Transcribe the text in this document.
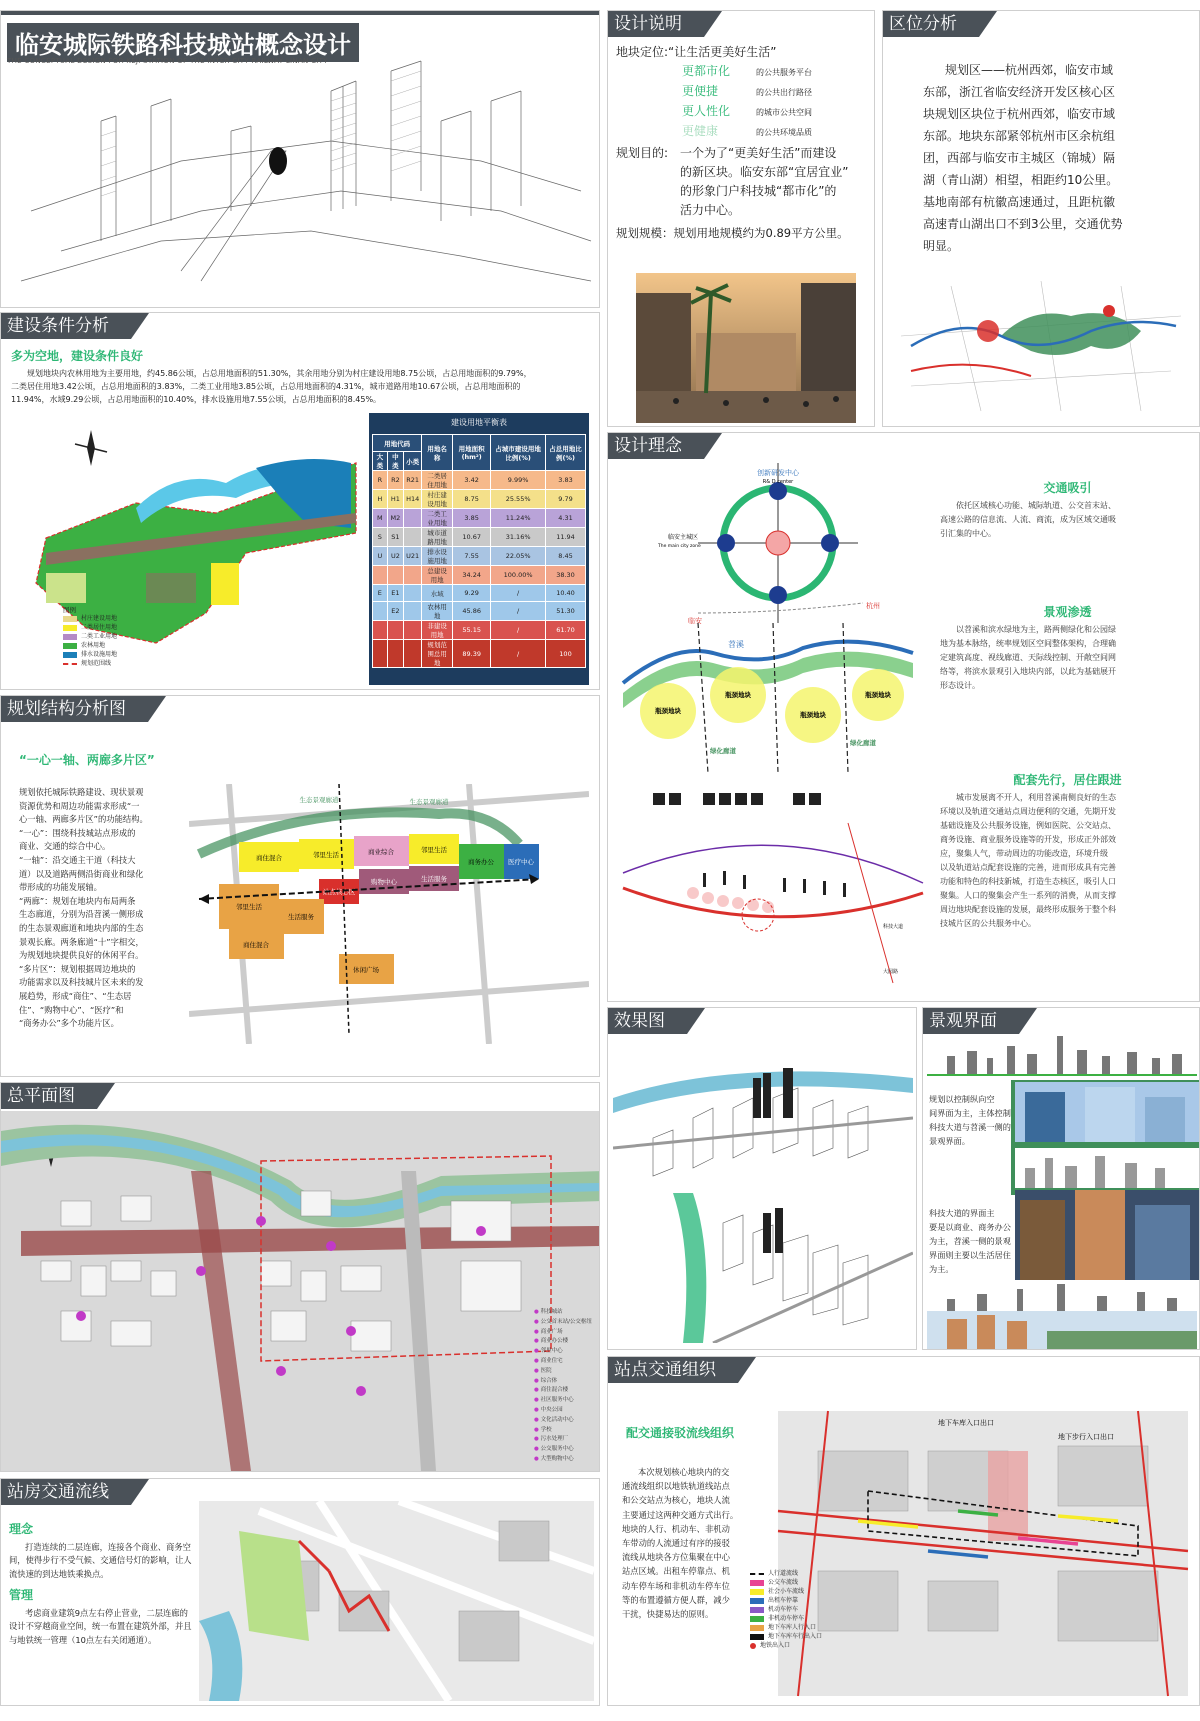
临安城际铁路科技城站概念设计
THE CONCEPTUAL DESIGN FOR KEJI STATION OF THE INTER-CITY RAILWAY LINAN CITY
设计说明
地块定位:“让生活更美好生活”
更都市化	的公共服务平台
更便捷	的公共出行路径
更人性化	的城市公共空间
更健康	的公共环境品质
规划目的: 一个为了“更美好生活”而建设
的新区块。临安东部“宜居宜业”
的形象门户科技城“都市化”的
活力中心。
规划规模：规划用地规模约为0.89平方公里。
区位分析
规划区——杭州西郊，临安市域
东部，浙江省临安经济开发区核心区
块规划区块位于杭州西郊，临安市域
东部。地块东部紧邻杭州市区余杭组
团，西部与临安市主城区（锦城）隔
湖（青山湖）相望，相距约10公里。
基地南部有杭徽高速通过，且距杭徽
高速青山湖出口不到3公里，交通优势
明显。
建设条件分析
多为空地，建设条件良好
规划地块内农林用地为主要用地，约45.86公顷，占总用地面积的51.30%，其余用地分别为村庄建设用地8.75公顷，占总用地面积的9.79%，
二类居住用地3.42公顷，占总用地面积的3.83%，二类工业用地3.85公顷，占总用地面积的4.31%，城市道路用地10.67公顷，占总用地面积的
11.94%，水域9.29公顷，占总用地面积的10.40%，排水设施用地7.55公顷，占总用地面积的8.45%。
图例
村庄建设用地
二类居住用地
二类工业用地
农林用地
排水设施用地
规划范围线
建设用地平衡表
用地代码			用地名称	用地面积(hm²)	占城市建设用地比例(%)	占总用地比例(%)
大类	中类	小类				
R	R2	R21	二类居住用地	3.42	9.99%	3.83
H	H1	H14	村庄建设用地	8.75	25.55%	9.79
M	M2		二类工业用地	3.85	11.24%	4.31
S	S1		城市道路用地	10.67	31.16%	11.94
U	U2	U21	排水设施用地	7.55	22.05%	8.45
			总建设用地	34.24	100.00%	38.30
E	E1		水域	9.29	/	10.40
	E2		农林用地	45.86	/	51.30
			非建设用地	55.15	/	61.70
			规划范围总用地	89.39	/	100
规划结构分析图
“一心一轴、两廊多片区”
规划依托城际铁路建设、现状景观
资源优势和周边功能需求形成“一
心一轴、两廊多片区”的功能结构。
“一心”：围绕科技城站点形成的
商业、交通的综合中心。
“一轴”：沿交通主干道（科技大
道）以及道路两侧沿街商业和绿化
带形成的功能发展轴。
“两廊”：规划在地块内布局两条
生态廊道，分别为沿苕溪一侧形成
的生态景观廊道和地块内部的生态
景观长廊。两条廊道“十”字相交，
为规划地块提供良好的休闲平台。
“多片区”：规划根据周边地块的
功能需求以及科技城片区未来的发
展趋势，形成“商住”、“生态居
住”、“购物中心”、“医疗”和
“商务办公”多个功能片区。
商住混合	邻里生活	商业综合	邻里生活
购物中心	生活服务
站点核心区
商务办公 医疗中心
邻里生活
生活服务
商住混合
休闲广场
生态景观廊道	生态景观廊道
总平面图
● 科技城站
● 公交首末站/公交枢纽
● 商业广场
● 商业办公楼
● 邻里中心
● 商业住宅
● 医院
● 综合体
● 商住混合楼
● 社区服务中心
● 中央公园
● 文化活动中心
● 学校
● 污水处理厂
● 公交服务中心
● 大型购物中心
站房交通流线
理念
打造连续的二层连廊，连接各个商业、商务空
间，使得步行不受气候、交通信号灯的影响，让人
流快速的到达地铁乘换点。
管理
考虑商业建筑9点左右停止营业，二层连廊的
设计不穿越商业空间，统一布置在建筑外部，并且
与地铁统一管理（10点左右关闭通道）。
设计理念
创新研发中心
R& D center
临安主城区
The main city zone
杭州
临安
苕溪
瓶颈地块
瓶颈地块
瓶颈地块
瓶颈地块
绿化廊道
绿化廊道
科技大道
大园路
交通吸引
依托区域核心功能、城际轨道、公交首末站、
高速公路的信息流、人流、商流，成为区域交通吸
引汇集的中心。
景观渗透
以苕溪和滨水绿地为主，路两侧绿化和公园绿
地为基本脉络，统率规划区空间整体架构，合理确
定建筑高度、视线廊道、天际线控制、开敞空间网
络等，将滨水景观引入地块内部，以此为基础展开
形态设计。
配套先行，居住跟进
城市发展离不开人，利用苕溪南侧良好的生态
环境以及轨道交通站点周边便利的交通，先期开发
基础设施及公共服务设施，例如医院、公交站点、
商务设施、商业服务设施等的开发，形成正外部效
应，聚集人气，带动周边的功能改造，环境升级
以及轨道站点配套设施的完善，进而形成具有完善
功能和特色的科技新城，打造生态核区，吸引人口
聚集。人口的聚集会产生一系列的消费，从而支撑
周边地块配套设施的发展，最终形成服务于整个科
技城片区的公共服务中心。
效果图	景观界面
规划以控制纵向空
间界面为主，主体控制
科技大道与苕溪一侧的
景观界面。
科技大道的界面主
要是以商业、商务办公
为主，苕溪一侧的景观
界面则主要以生活居住
为主。
站点交通组织
配交通接驳流线组织
本次规划核心地块内的交
通流线组织以地铁轨道线站点
和公交站点为核心，地块人流
主要通过这两种交通方式出行。
地块的人行、机动车、非机动
车带动的人流通过有序的接驳
流线从地块各方位集聚在中心
站点区域。出租车停靠点、机
动车停车场和非机动车停车位
等的布置遵循方便人群，减少
干扰，快捷易达的原则。
地下车库入口出口
地下步行入口出口
人行道流线
公交车流线
社会小车流线
出租车停靠
机动车停车
非机动车停车
地下车库人行入口
地下车库车行出入口
地铁出入口
